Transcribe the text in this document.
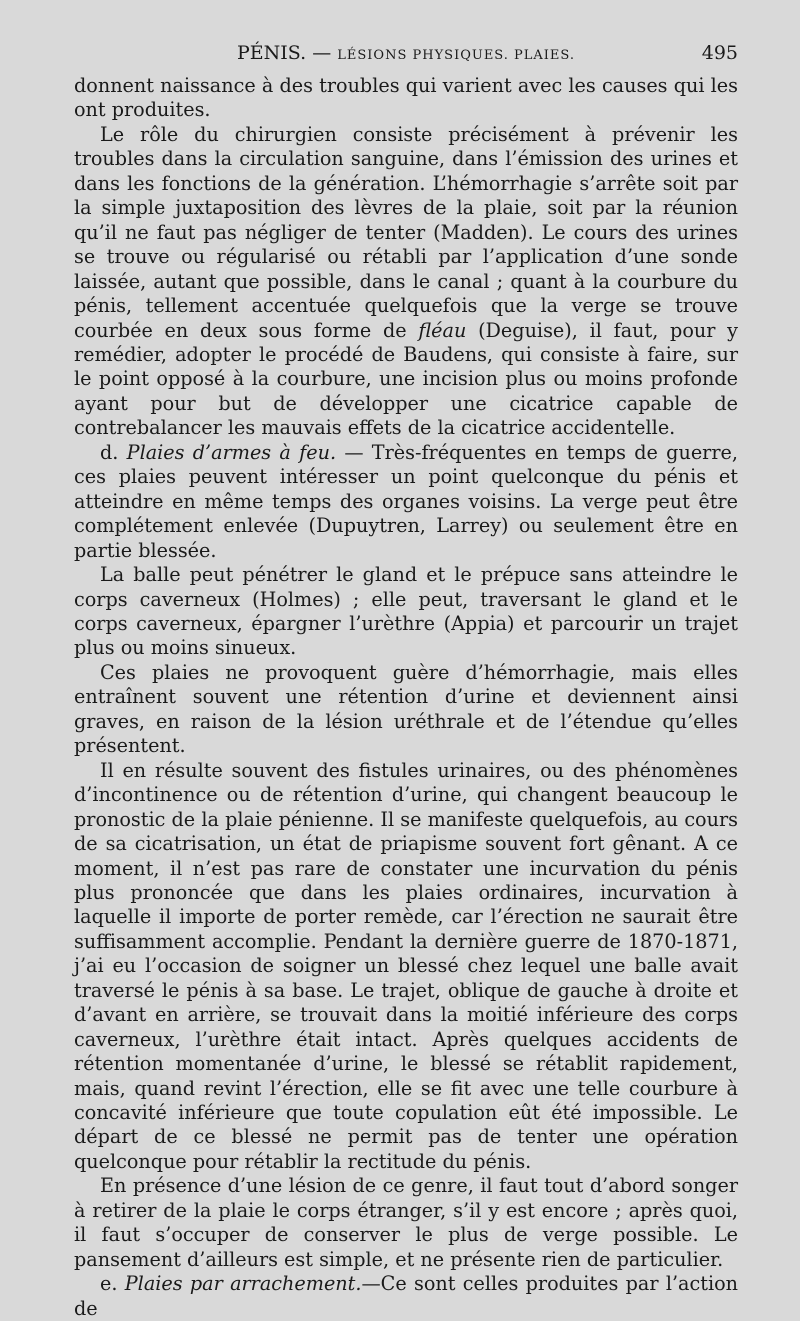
PÉNIS. — LÉSIONS PHYSIQUES. PLAIES.	495

donnent naissance à des troubles qui varient avec les causes qui les ont produites.

Le rôle du chirurgien consiste précisément à prévenir les troubles dans la circulation sanguine, dans l’émission des urines et dans les fonctions de la génération. L’hémorrhagie s’arrête soit par la simple juxtaposition des lèvres de la plaie, soit par la réunion qu’il ne faut pas négliger de tenter (Madden). Le cours des urines se trouve ou régularisé ou rétabli par l’application d’une sonde laissée, autant que possible, dans le canal ; quant à la courbure du pénis, tellement accentuée quelquefois que la verge se trouve courbée en deux sous forme de fléau (Deguise), il faut, pour y remédier, adopter le procédé de Baudens, qui consiste à faire, sur le point opposé à la courbure, une incision plus ou moins profonde ayant pour but de développer une cicatrice capable de contrebalancer les mauvais effets de la cicatrice accidentelle.

d. Plaies d’armes à feu. — Très-fréquentes en temps de guerre, ces plaies peuvent intéresser un point quelconque du pénis et atteindre en même temps des organes voisins. La verge peut être complétement enlevée (Dupuytren, Larrey) ou seulement être en partie blessée.

La balle peut pénétrer le gland et le prépuce sans atteindre le corps caverneux (Holmes) ; elle peut, traversant le gland et le corps caverneux, épargner l’urèthre (Appia) et parcourir un trajet plus ou moins sinueux.

Ces plaies ne provoquent guère d’hémorrhagie, mais elles entraînent souvent une rétention d’urine et deviennent ainsi graves, en raison de la lésion uréthrale et de l’étendue qu’elles présentent.

Il en résulte souvent des fistules urinaires, ou des phénomènes d’incontinence ou de rétention d’urine, qui changent beaucoup le pronostic de la plaie pénienne. Il se manifeste quelquefois, au cours de sa cicatrisation, un état de priapisme souvent fort gênant. A ce moment, il n’est pas rare de constater une incurvation du pénis plus prononcée que dans les plaies ordinaires, incurvation à laquelle il importe de porter remède, car l’érection ne saurait être suffisamment accomplie. Pendant la dernière guerre de 1870-1871, j’ai eu l’occasion de soigner un blessé chez lequel une balle avait traversé le pénis à sa base. Le trajet, oblique de gauche à droite et d’avant en arrière, se trouvait dans la moitié inférieure des corps caverneux, l’urèthre était intact. Après quelques accidents de rétention momentanée d’urine, le blessé se rétablit rapidement, mais, quand revint l’érection, elle se fit avec une telle courbure à concavité inférieure que toute copulation eût été impossible. Le départ de ce blessé ne permit pas de tenter une opération quelconque pour rétablir la rectitude du pénis.

En présence d’une lésion de ce genre, il faut tout d’abord songer à retirer de la plaie le corps étranger, s’il y est encore ; après quoi, il faut s’occuper de conserver le plus de verge possible. Le pansement d’ailleurs est simple, et ne présente rien de particulier.

e. Plaies par arrachement.—Ce sont celles produites par l’action de
